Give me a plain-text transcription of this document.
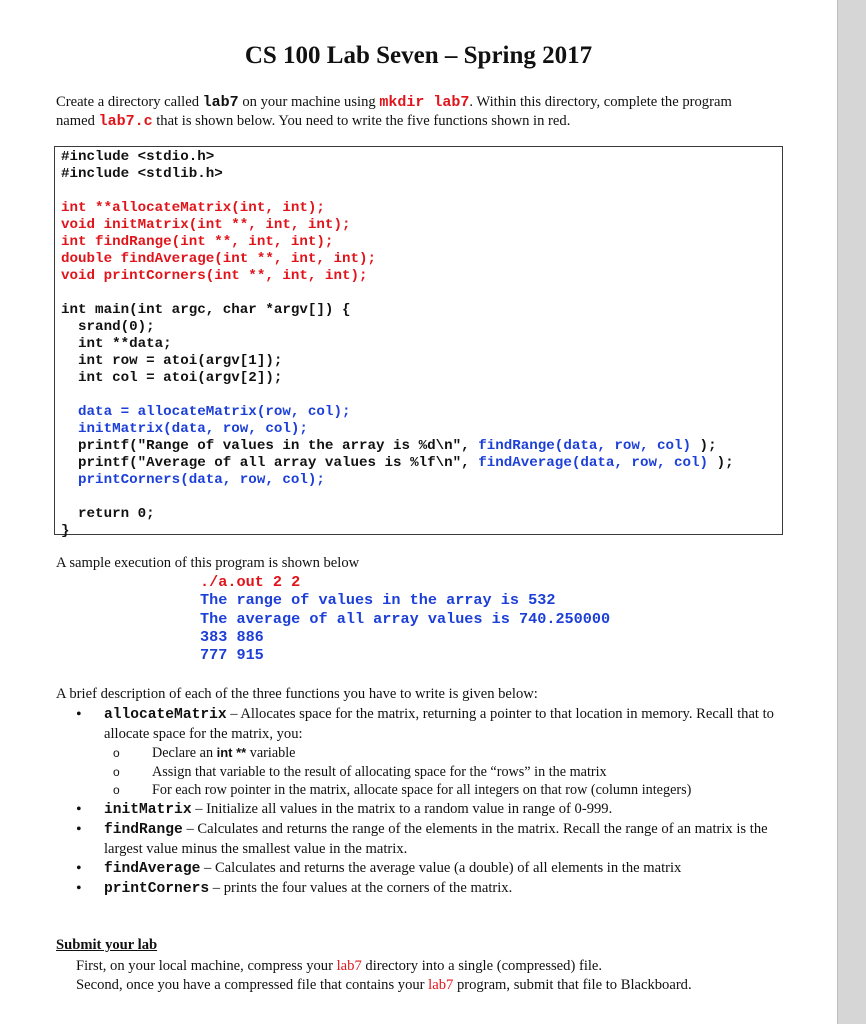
CS 100 Lab Seven – Spring 2017
Create a directory called lab7 on your machine using mkdir lab7. Within this directory, complete the program named lab7.c that is shown below. You need to write the five functions shown in red.
#include <stdio.h>
#include <stdlib.h>

int **allocateMatrix(int, int);
void initMatrix(int **, int, int);
int findRange(int **, int, int);
double findAverage(int **, int, int);
void printCorners(int **, int, int);

int main(int argc, char *argv[]) {
srand(0);
int **data;
int row = atoi(argv[1]);
int col = atoi(argv[2]);

data = allocateMatrix(row, col);
initMatrix(data, row, col);
printf("Range of values in the array is %d\n", findRange(data, row, col) );
printf("Average of all array values is %lf\n", findAverage(data, row, col) );
printCorners(data, row, col);

return 0;
}
A sample execution of this program is shown below
./a.out 2 2
The range of values in the array is 532
The average of all array values is 740.250000
383 886
777 915
A brief description of each of the three functions you have to write is given below:
• allocateMatrix – Allocates space for the matrix, returning a pointer to that location in memory. Recall that to allocate space for the matrix, you:
o Declare an int ** variable
o Assign that variable to the result of allocating space for the “rows” in the matrix
o For each row pointer in the matrix, allocate space for all integers on that row (column integers)
• initMatrix – Initialize all values in the matrix to a random value in range of 0-999.
• findRange – Calculates and returns the range of the elements in the matrix. Recall the range of an matrix is the largest value minus the smallest value in the matrix.
• findAverage – Calculates and returns the average value (a double) of all elements in the matrix
• printCorners – prints the four values at the corners of the matrix.
Submit your lab
First, on your local machine, compress your lab7 directory into a single (compressed) file.
Second, once you have a compressed file that contains your lab7 program, submit that file to Blackboard.
